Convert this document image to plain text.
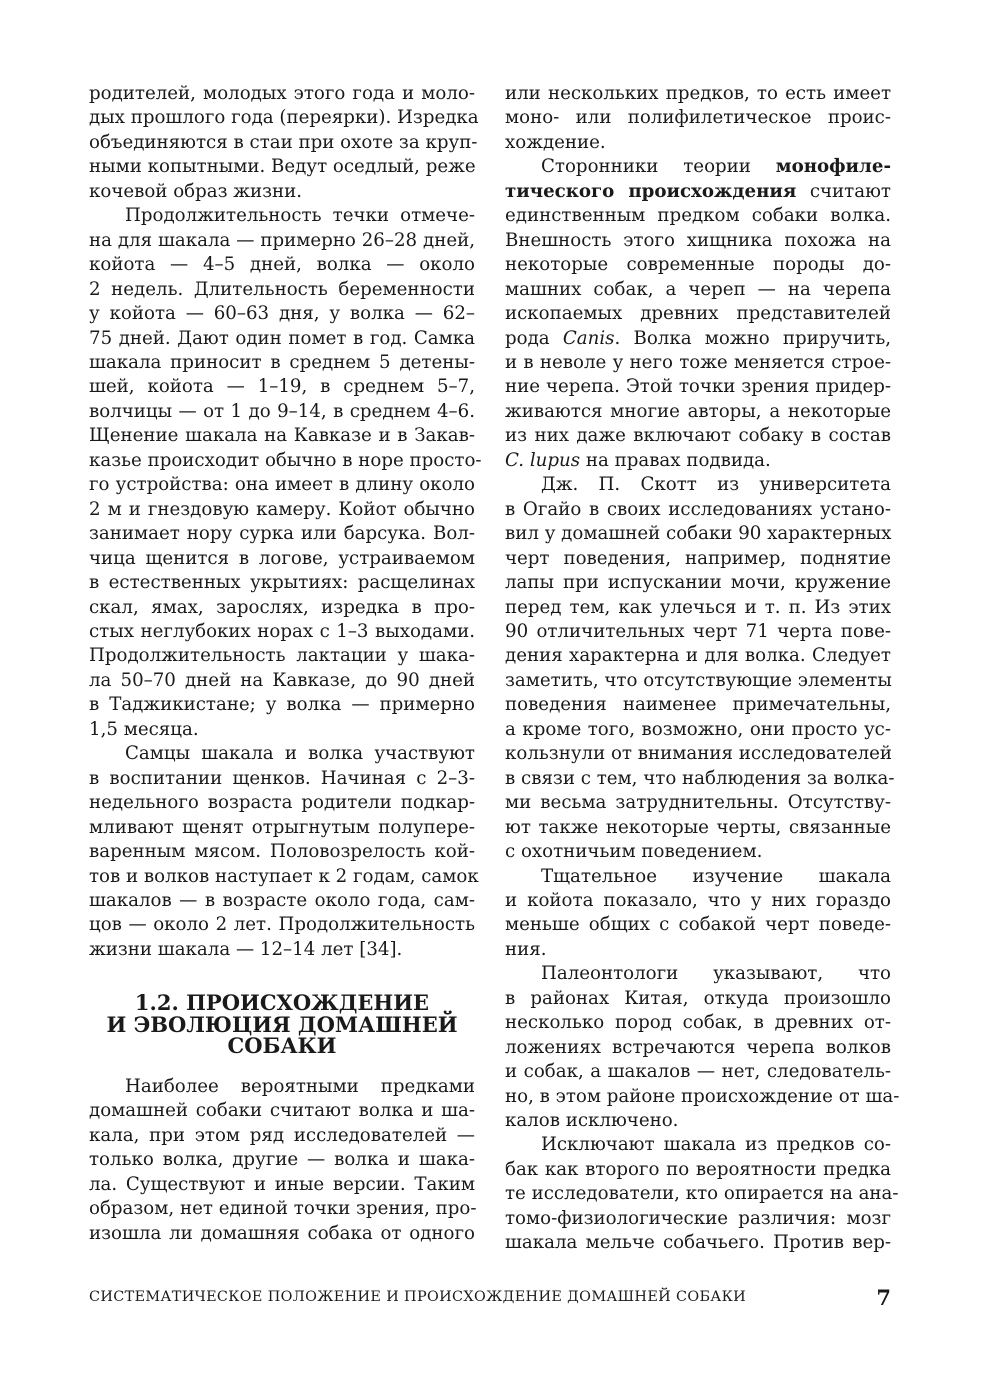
родителей, молодых этого года и моло-
дых прошлого года (переярки). Изредка
объединяются в стаи при охоте за круп-
ными копытными. Ведут оседлый, реже
кочевой образ жизни.

Продолжительность течки отмече-
на для шакала — примерно 26–28 дней,
койота — 4–5 дней, волка — около
2 недель. Длительность беременности
у койота — 60–63 дня, у волка — 62–
75 дней. Дают один помет в год. Самка
шакала приносит в среднем 5 детены-
шей, койота — 1–19, в среднем 5–7,
волчицы — от 1 до 9–14, в среднем 4–6.
Щенение шакала на Кавказе и в Закав-
казье происходит обычно в норе просто-
го устройства: она имеет в длину около
2 м и гнездовую камеру. Койот обычно
занимает нору сурка или барсука. Вол-
чица щенится в логове, устраиваемом
в естественных укрытиях: расщелинах
скал, ямах, зарослях, изредка в про-
стых неглубоких норах с 1–3 выходами.
Продолжительность лактации у шака-
ла 50–70 дней на Кавказе, до 90 дней
в Таджикистане; у волка — примерно
1,5 месяца.

Самцы шакала и волка участвуют
в воспитании щенков. Начиная с 2–3-
недельного возраста родители подкар-
мливают щенят отрыгнутым полупере-
варенным мясом. Половозрелость кой-
тов и волков наступает к 2 годам, самок
шакалов — в возрасте около года, сам-
цов — около 2 лет. Продолжительность
жизни шакала — 12–14 лет [34].

1.2. ПРОИСХОЖДЕНИЕ
И ЭВОЛЮЦИЯ ДОМАШНЕЙ
СОБАКИ

Наиболее вероятными предками
домашней собаки считают волка и ша-
кала, при этом ряд исследователей —
только волка, другие — волка и шака-
ла. Существуют и иные версии. Таким
образом, нет единой точки зрения, про-
изошла ли домашняя собака от одного

или нескольких предков, то есть имеет
моно- или полифилетическое проис-
хождение.

Сторонники теории монофиле-
тического происхождения считают
единственным предком собаки волка.
Внешность этого хищника похожа на
некоторые современные породы до-
машних собак, а череп — на черепа
ископаемых древних представителей
рода Canis. Волка можно приручить,
и в неволе у него тоже меняется строе-
ние черепа. Этой точки зрения придер-
живаются многие авторы, а некоторые
из них даже включают собаку в состав
C. lupus на правах подвида.

Дж. П. Скотт из университета
в Огайо в своих исследованиях устано-
вил у домашней собаки 90 характерных
черт поведения, например, поднятие
лапы при испускании мочи, кружение
перед тем, как улечься и т. п. Из этих
90 отличительных черт 71 черта пове-
дения характерна и для волка. Следует
заметить, что отсутствующие элементы
поведения наименее примечательны,
а кроме того, возможно, они просто ус-
кользнули от внимания исследователей
в связи с тем, что наблюдения за волка-
ми весьма затруднительны. Отсутству-
ют также некоторые черты, связанные
с охотничьим поведением.

Тщательное изучение шакала
и койота показало, что у них гораздо
меньше общих с собакой черт поведе-
ния.

Палеонтологи указывают, что
в районах Китая, откуда произошло
несколько пород собак, в древних от-
ложениях встречаются черепа волков
и собак, а шакалов — нет, следователь-
но, в этом районе происхождение от ша-
калов исключено.

Исключают шакала из предков со-
бак как второго по вероятности предка
те исследователи, кто опирается на ана-
томо-физиологические различия: мозг
шакала мельче собачьего. Против вер-

СИСТЕМАТИЧЕСКОЕ ПОЛОЖЕНИЕ И ПРОИСХОЖДЕНИЕ ДОМАШНЕЙ СОБАКИ	7
